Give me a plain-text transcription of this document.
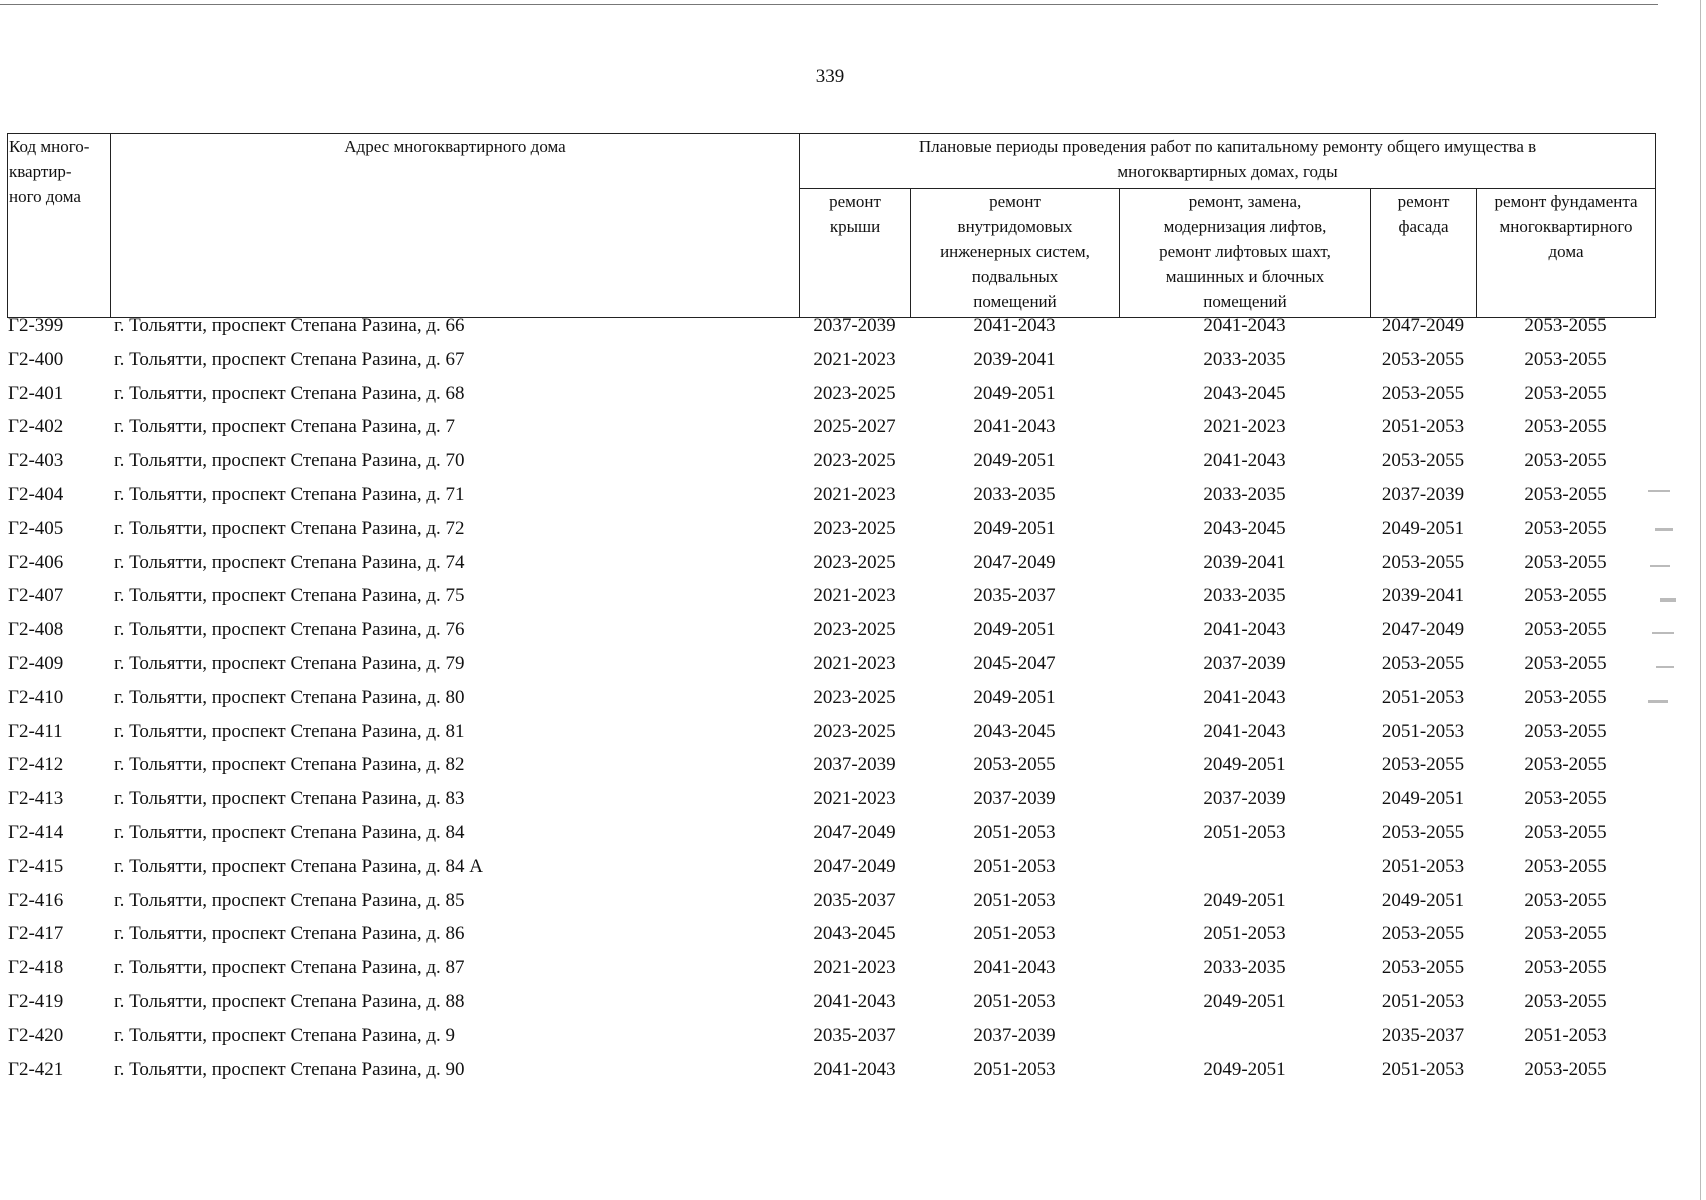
339
Код много-
квартир-
ного дома	Адрес многоквартирного дома	Плановые периоды проведения работ по капитальному ремонту общего имущества в
многоквартирных домах, годы				
		ремонт
крыши	ремонт
внутридомовых
инженерных систем,
подвальных
помещений	ремонт, замена,
модернизация лифтов,
ремонт лифтовых шахт,
машинных и блочных
помещений	ремонт
фасада	ремонт фундамента
многоквартирного
дома
Г2-399	г. Тольятти, проспект Степана Разина, д. 66	2037-2039	2041-2043	2041-2043	2047-2049	2053-2055
Г2-400	г. Тольятти, проспект Степана Разина, д. 67	2021-2023	2039-2041	2033-2035	2053-2055	2053-2055
Г2-401	г. Тольятти, проспект Степана Разина, д. 68	2023-2025	2049-2051	2043-2045	2053-2055	2053-2055
Г2-402	г. Тольятти, проспект Степана Разина, д. 7	2025-2027	2041-2043	2021-2023	2051-2053	2053-2055
Г2-403	г. Тольятти, проспект Степана Разина, д. 70	2023-2025	2049-2051	2041-2043	2053-2055	2053-2055
Г2-404	г. Тольятти, проспект Степана Разина, д. 71	2021-2023	2033-2035	2033-2035	2037-2039	2053-2055
Г2-405	г. Тольятти, проспект Степана Разина, д. 72	2023-2025	2049-2051	2043-2045	2049-2051	2053-2055
Г2-406	г. Тольятти, проспект Степана Разина, д. 74	2023-2025	2047-2049	2039-2041	2053-2055	2053-2055
Г2-407	г. Тольятти, проспект Степана Разина, д. 75	2021-2023	2035-2037	2033-2035	2039-2041	2053-2055
Г2-408	г. Тольятти, проспект Степана Разина, д. 76	2023-2025	2049-2051	2041-2043	2047-2049	2053-2055
Г2-409	г. Тольятти, проспект Степана Разина, д. 79	2021-2023	2045-2047	2037-2039	2053-2055	2053-2055
Г2-410	г. Тольятти, проспект Степана Разина, д. 80	2023-2025	2049-2051	2041-2043	2051-2053	2053-2055
Г2-411	г. Тольятти, проспект Степана Разина, д. 81	2023-2025	2043-2045	2041-2043	2051-2053	2053-2055
Г2-412	г. Тольятти, проспект Степана Разина, д. 82	2037-2039	2053-2055	2049-2051	2053-2055	2053-2055
Г2-413	г. Тольятти, проспект Степана Разина, д. 83	2021-2023	2037-2039	2037-2039	2049-2051	2053-2055
Г2-414	г. Тольятти, проспект Степана Разина, д. 84	2047-2049	2051-2053	2051-2053	2053-2055	2053-2055
Г2-415	г. Тольятти, проспект Степана Разина, д. 84 А	2047-2049	2051-2053		2051-2053	2053-2055
Г2-416	г. Тольятти, проспект Степана Разина, д. 85	2035-2037	2051-2053	2049-2051	2049-2051	2053-2055
Г2-417	г. Тольятти, проспект Степана Разина, д. 86	2043-2045	2051-2053	2051-2053	2053-2055	2053-2055
Г2-418	г. Тольятти, проспект Степана Разина, д. 87	2021-2023	2041-2043	2033-2035	2053-2055	2053-2055
Г2-419	г. Тольятти, проспект Степана Разина, д. 88	2041-2043	2051-2053	2049-2051	2051-2053	2053-2055
Г2-420	г. Тольятти, проспект Степана Разина, д. 9	2035-2037	2037-2039		2035-2037	2051-2053
Г2-421	г. Тольятти, проспект Степана Разина, д. 90	2041-2043	2051-2053	2049-2051	2051-2053	2053-2055
